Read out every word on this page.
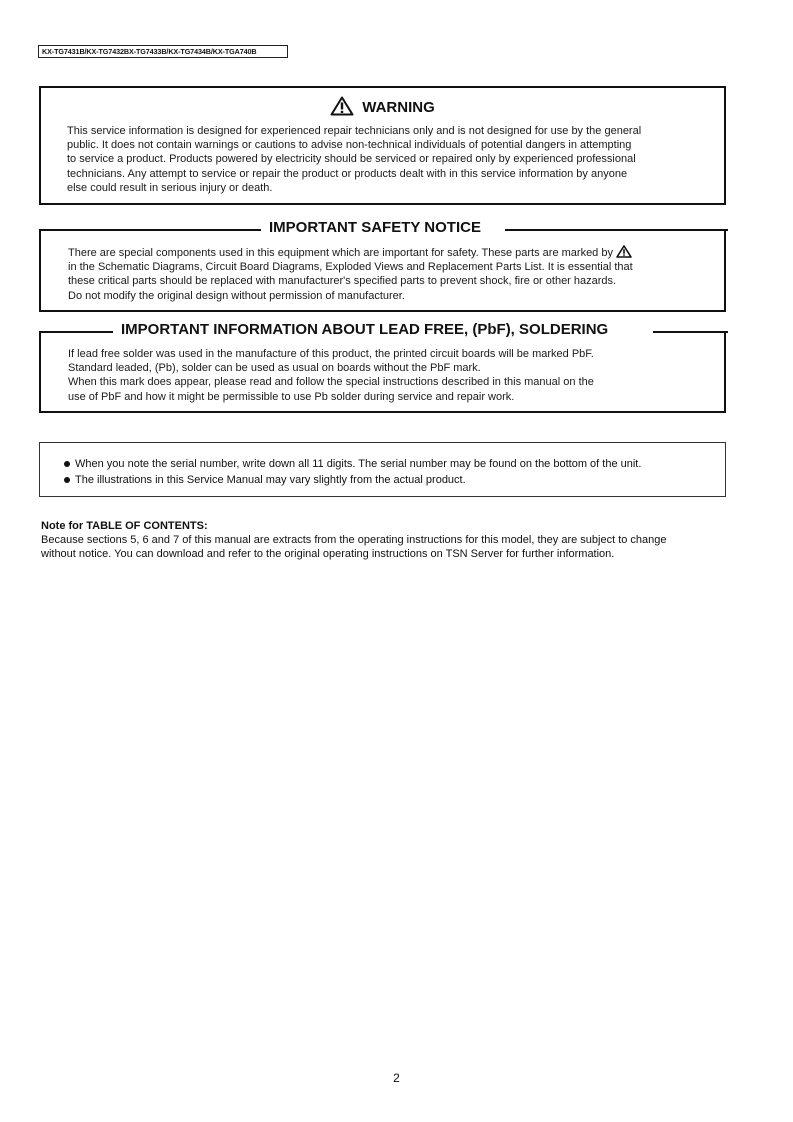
KX-TG7431B/KX-TG7432BX-TG7433B/KX-TG7434B/KX-TGA740B
WARNING

This service information is designed for experienced repair technicians only and is not designed for use by the general

public. It does not contain warnings or cautions to advise non-technical individuals of potential dangers in attempting

to service a product. Products powered by electricity should be serviced or repaired only by experienced professional

technicians. Any attempt to service or repair the product or products dealt with in this service information by anyone

else could result in serious injury or death.

IMPORTANT SAFETY NOTICE

There are special components used in this equipment which are important for safety. These parts are marked by

in the Schematic Diagrams, Circuit Board Diagrams, Exploded Views and Replacement Parts List. It is essential that

these critical parts should be replaced with manufacturer's specified parts to prevent shock, fire or other hazards.

Do not modify the original design without permission of manufacturer.

IMPORTANT INFORMATION ABOUT LEAD FREE, (PbF), SOLDERING

If lead free solder was used in the manufacture of this product, the printed circuit boards will be marked PbF.

Standard leaded, (Pb), solder can be used as usual on boards without the PbF mark.

When this mark does appear, please read and follow the special instructions described in this manual on the

use of PbF and how it might be permissible to use Pb solder during service and repair work.

When you note the serial number, write down all 11 digits. The serial number may be found on the bottom of the unit.
The illustrations in this Service Manual may vary slightly from the actual product.
Note for TABLE OF CONTENTS:

Because sections 5, 6 and 7 of this manual are extracts from the operating instructions for this model, they are subject to change

without notice. You can download and refer to the original operating instructions on TSN Server for further information.

2
